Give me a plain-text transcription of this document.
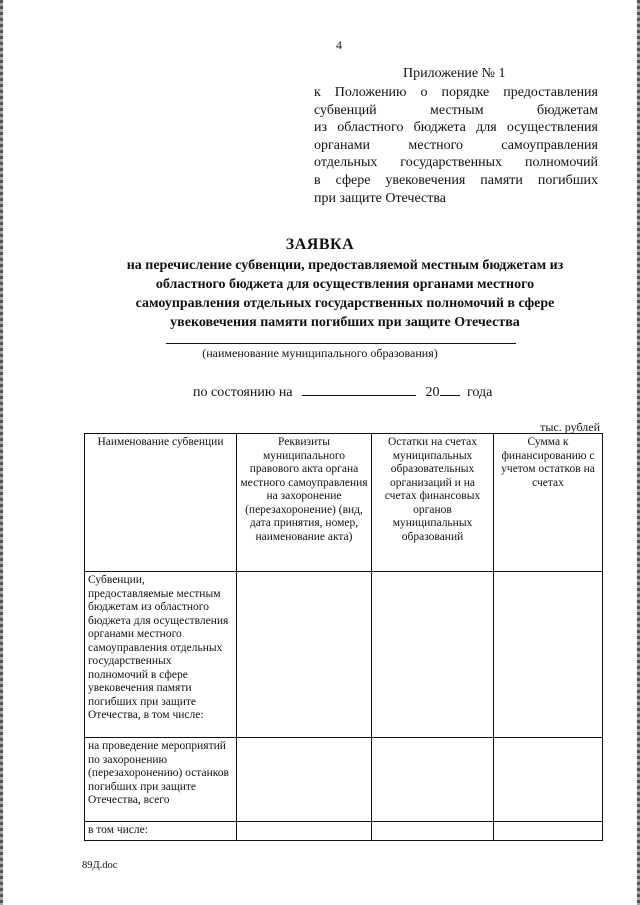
4
Приложение № 1
к Положению о порядке предоставления
субвенций местным бюджетам
из областного бюджета для осуществления
органами местного самоуправления
отдельных государственных полномочий
в сфере увековечения памяти погибших
при защите Отечества
ЗАЯВКА
на перечисление субвенции, предоставляемой местным бюджетам из областного бюджета для осуществления органами местного самоуправления отдельных государственных полномочий в сфере увековечения памяти погибших при защите Отечества
(наименование муниципального образования)
по состоянию на	20 года
тыс. рублей
Наименование субвенции	Реквизиты муниципального правового акта органа местного самоуправления на захоронение (перезахоронение) (вид, дата принятия, номер, наименование акта)	Остатки на счетах муниципальных образовательных организаций и на счетах финансовых органов муниципальных образований	Сумма к финансированию с учетом остатков на счетах
Субвенции, предоставляемые местным бюджетам из областного бюджета для осуществления органами местного самоуправления отдельных государственных полномочий в сфере увековечения памяти погибших при защите Отечества, в том числе:			
на проведение мероприятий по захоронению (перезахоронению) останков погибших при защите Отечества, всего			
в том числе:			
89Д.doc
